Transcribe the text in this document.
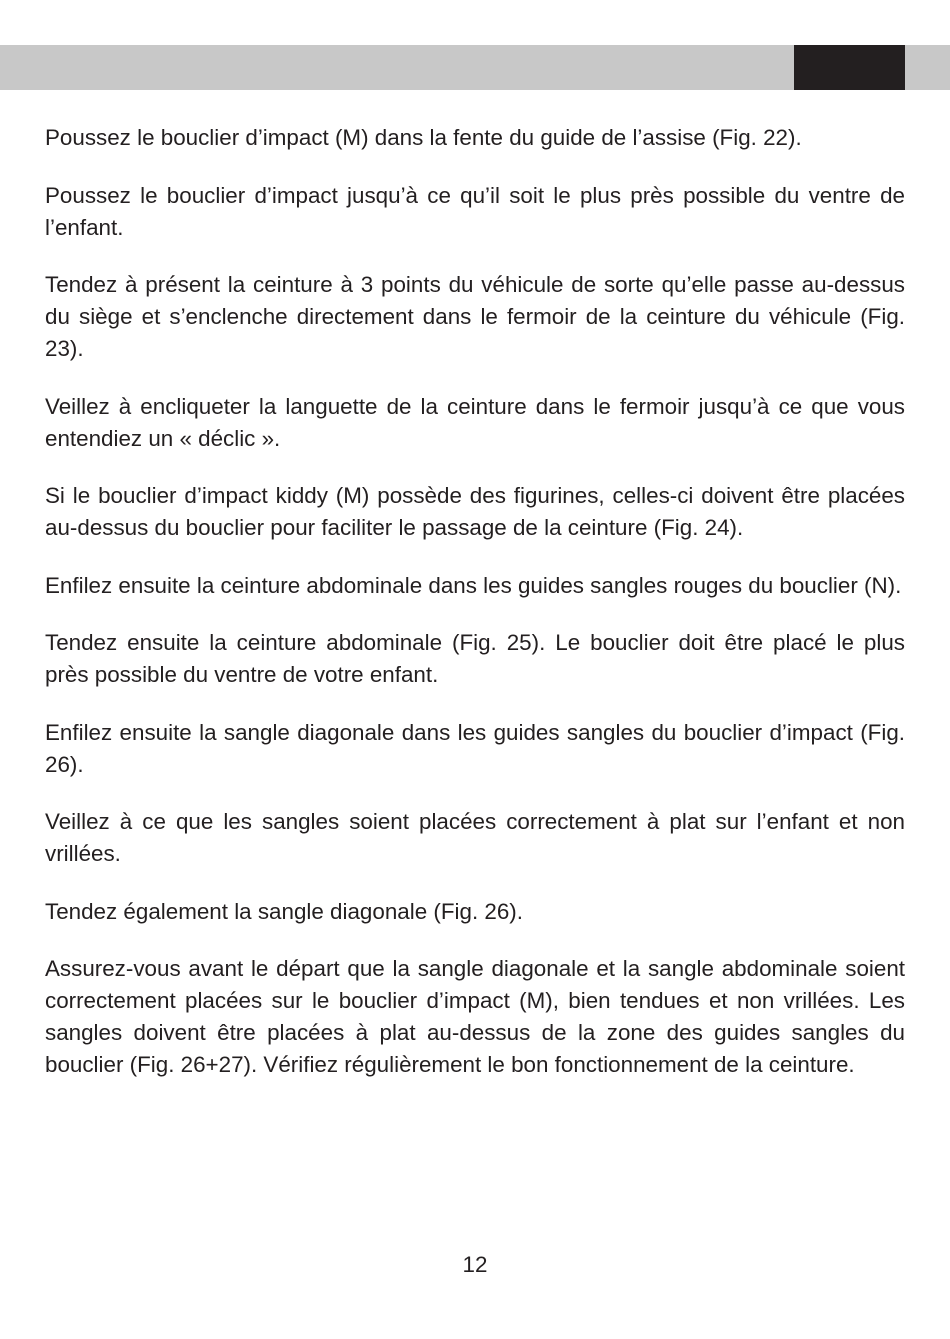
Poussez le bouclier d’impact (M) dans la fente du guide de l’assise (Fig. 22).

Poussez le bouclier d’impact jusqu’à ce qu’il soit le plus près possible du ventre de l’enfant.

Tendez à présent la ceinture à 3 points du véhicule de sorte qu’elle passe au-dessus du siège et s’enclenche directement dans le fermoir de la ceinture du véhicule (Fig. 23).

Veillez à encliqueter la languette de la ceinture dans le fermoir jusqu’à ce que vous entendiez un « déclic ».

Si le bouclier d’impact kiddy (M) possède des figurines, celles-ci doivent être placées au-dessus du bouclier pour faciliter le passage de la ceinture (Fig. 24).

Enfilez ensuite la ceinture abdominale dans les guides sangles rouges du bouclier (N).

Tendez ensuite la ceinture abdominale (Fig. 25). Le bouclier doit être placé le plus près possible du ventre de votre enfant.

Enfilez ensuite la sangle diagonale dans les guides sangles du bouclier d’impact (Fig. 26).

Veillez à ce que les sangles soient placées correctement à plat sur l’enfant et non vrillées.

Tendez également la sangle diagonale (Fig. 26).

Assurez-vous avant le départ que la sangle diagonale et la sangle abdominale soient correctement placées sur le bouclier d’impact (M), bien tendues et non vrillées. Les sangles doivent être placées à plat au-dessus de la zone des guides sangles du bouclier (Fig. 26+27). Vérifiez régulièrement le bon fonctionnement de la ceinture.

12
